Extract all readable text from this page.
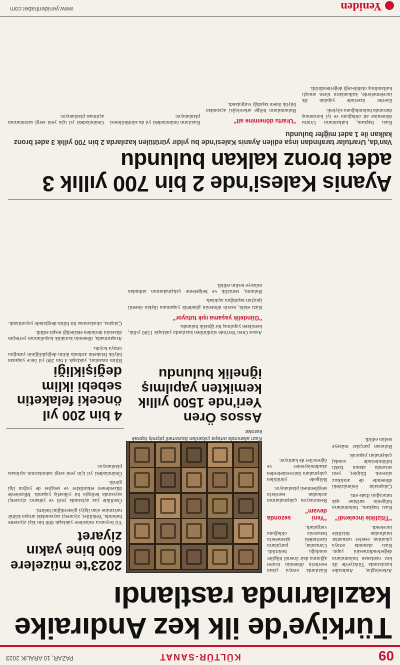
09
KÜLTÜR-SANAT
PAZAR, 10 ARALIK 2023
Türkiye'de ilk kez Andıraike kazılarında rastlandı

Arkeologlar, Andıraike kazılarında Türkiye'de ilk kez rastlanan buluntuların değerlendirmesini yaptı. Kazı alanında ortaya çıkarılan eserler uzmanlar tarafından titizlikle incelendi.

"Titizlikle incelendi"

Kazı başkanı, buluntuların bölgenin tarihine ışık tutacağını ifade etti.

Çalışmalar önümüzdeki dönemde de aralıksız sürecek. Ekipler, yeni sezonda alanın farklı bölümlerinde sondaj çalışmaları yapacak.

Bulunan parçalar müzeye teslim edildi.

Kazılarda ortaya çıkan eserlerin dönemin ticaret ağlarına dair önemli bilgiler sunduğu belirtildi. Uzmanlar, parçaların üzerindeki işlemelerin benzersiz olduğunu vurguladı.

"Yeni sezonda devam"

Restorasyon çalışmalarının ardından eserlerin sergilenmesi planlanıyor.

Bölgede yürütülen çalışmalara üniversitelerden akademisyenler ve öğrenciler de katılıyor.

Kazı alanında ortaya çıkarılan bezemeli pişmiş toprak karolar.
2023'te müzelere 600 bine yakın ziyaret

Yıl boyunca müzelere yaklaşık 600 bin kişi ziyarette bulundu. Yetkililer, ziyaretçi sayısındaki artışın kültür turizmine olan ilgiyi gösterdiğini belirtti.

Özellikle yaz aylarında yerli ve yabancı ziyaretçi sayısında belirgin bir yükseliş yaşandı. Müzelerde düzenlenen etkinlikler ve sergiler de yoğun ilgi gördü.

Önümüzdeki yıl için yeni sergi salonlarının açılması planlanıyor.

4 bin 200 yıl önceki felaketin sebebi iklim değişikliği

Bilim insanları, yaklaşık 4 bin 200 yıl önce yaşanan büyük felaketin ardında iklim değişikliğinin yattığını ortaya koydu.

Araştırmada, dönemin kuraklık koşullarının yerleşim düzenini derinden etkilediği tespit edildi.

Çalışma, uluslararası bir bilim dergisinde yayımlandı.

Assos Ören Yeri'nde 1500 yıllık kemikten yapılmış iğnelik bulundu

Assos Ören Yeri'nde sürdürülen kazılarda yaklaşık 1500 yıllık, kemikten yapılmış bir iğnelik bulundu.

"Gündelik yaşama ışık tutuyor"

Kazı ekibi, eserin dönemin gündelik yaşamına ilişkin önemli ipuçları taşıdığını açıkladı.

Buluntu, temizlik ve belgeleme çalışmalarının ardından müzeye teslim edildi.

Ayanis Kalesi'nde 2 bin 700 yıllık 3 adet bronz kalkan bulundu
Van'da, Urartular tarafından inşa edilen Ayanis Kalesi'nde bu yıldır yürütülen kazılarda 2 bin 700 yıllık 3 adet bronz kalkan ile 1 adet miğfer bulundu

Kazı başkanı, kalkanların Urartu dönemine ait olduğunu ve iyi korunmuş durumda bulunduğunu söyledi.

Eserler üzerinde yapılan ilk incelemelerde, kalkanların tören amaçlı kullanılmış olabileceği değerlendirildi.

"Urartu dönemine ait"

Buluntuların bölge arkeolojisi açısından büyük önem taşıdığı vurgulandı.

Kazıların önümüzdeki yıl da sürdürülmesi planlanıyor.

Önümüzdeki yıl için yeni sergi salonlarının açılması planlanıyor.

Yeniden
www.yenidenhaber.com
